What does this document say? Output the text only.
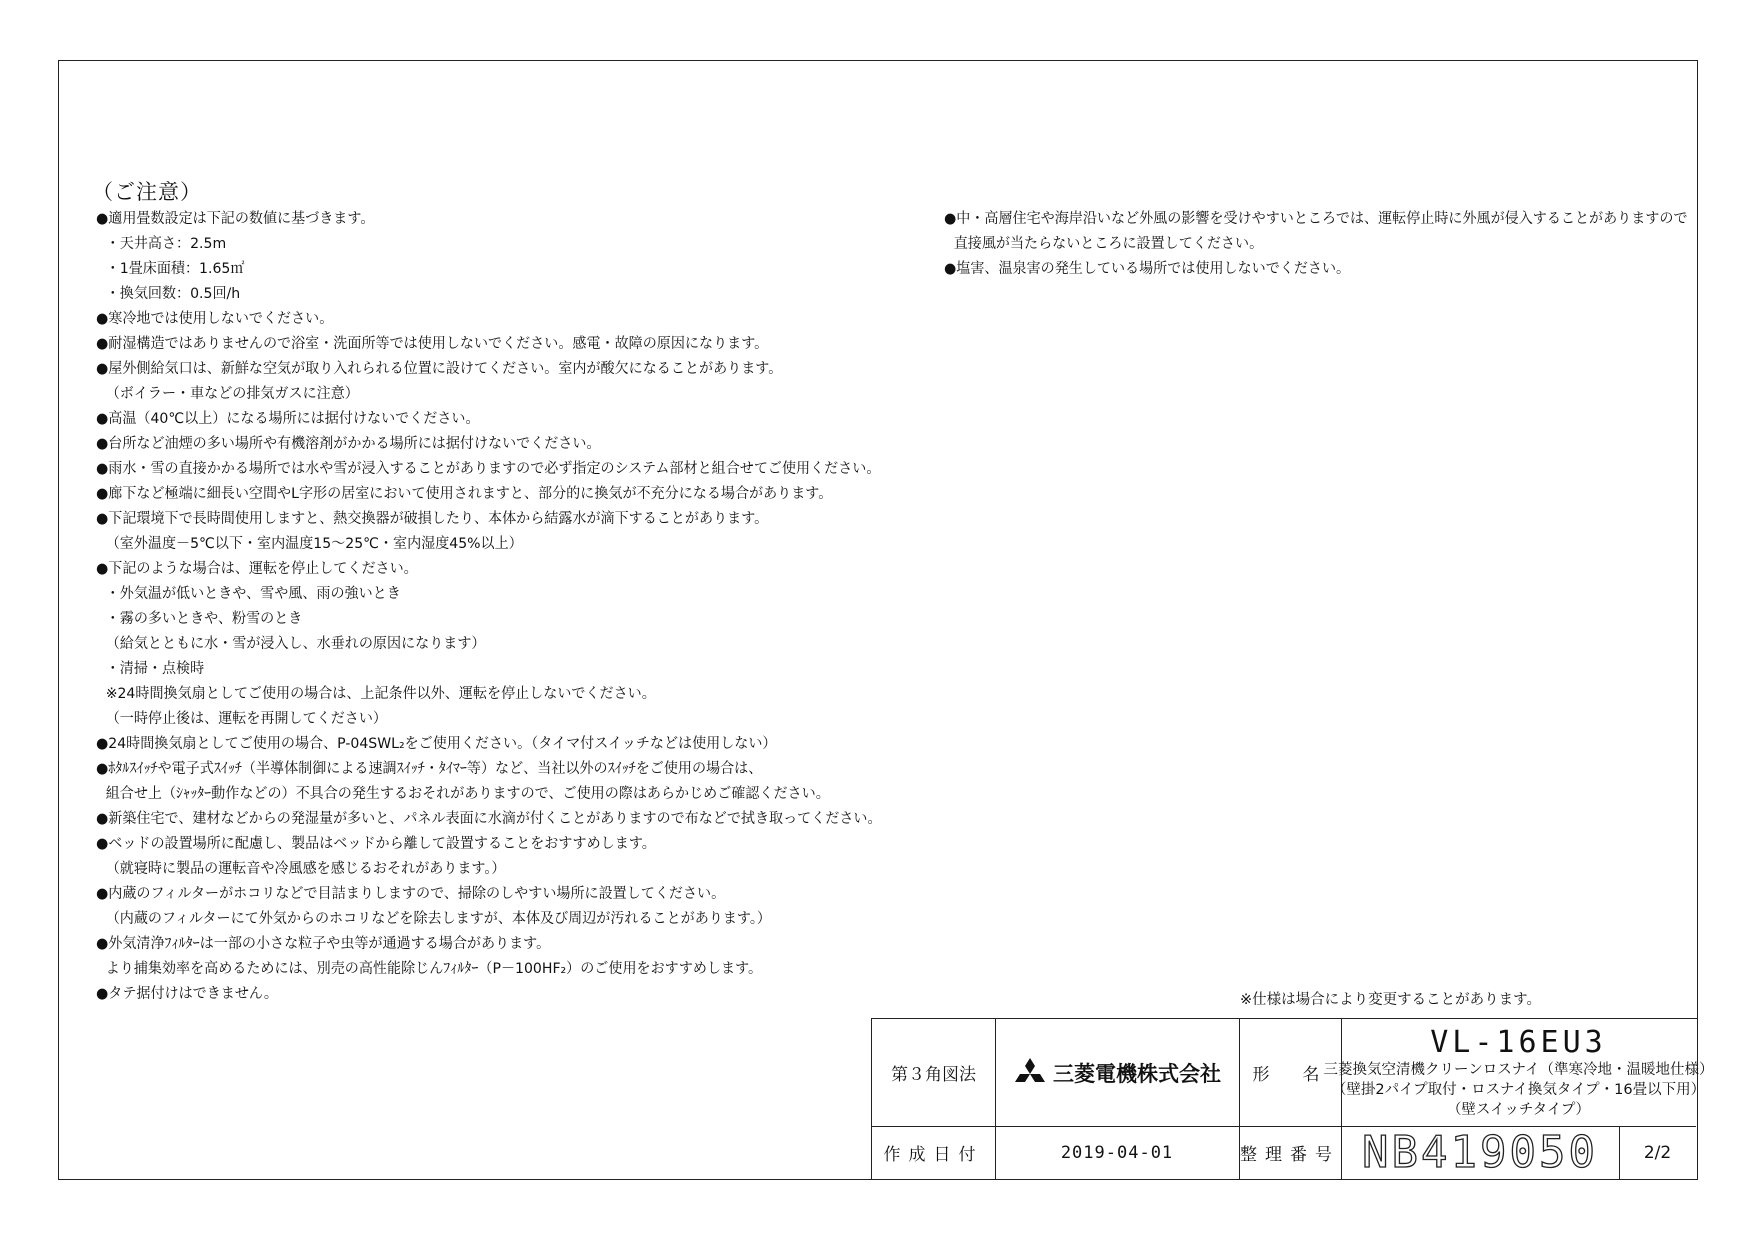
（ご注意）
●適用畳数設定は下記の数値に基づきます。
・天井高さ：2.5m
・1畳床面積：1.65㎡
・換気回数：0.5回/h
●寒冷地では使用しないでください。
●耐湿構造ではありませんので浴室・洗面所等では使用しないでください。感電・故障の原因になります。
●屋外側給気口は、新鮮な空気が取り入れられる位置に設けてください。室内が酸欠になることがあります。
（ボイラー・車などの排気ガスに注意）
●高温（40℃以上）になる場所には据付けないでください。
●台所など油煙の多い場所や有機溶剤がかかる場所には据付けないでください。
●雨水・雪の直接かかる場所では水や雪が浸入することがありますので必ず指定のシステム部材と組合せてご使用ください。
●廊下など極端に細長い空間やL字形の居室において使用されますと、部分的に換気が不充分になる場合があります。
●下記環境下で長時間使用しますと、熱交換器が破損したり、本体から結露水が滴下することがあります。
（室外温度－5℃以下・室内温度15～25℃・室内湿度45%以上）
●下記のような場合は、運転を停止してください。
・外気温が低いときや、雪や風、雨の強いとき
・霧の多いときや、粉雪のとき
（給気とともに水・雪が浸入し、水垂れの原因になります）
・清掃・点検時
※24時間換気扇としてご使用の場合は、上記条件以外、運転を停止しないでください。
（一時停止後は、運転を再開してください）
●24時間換気扇としてご使用の場合、P-04SWL₂をご使用ください。（タイマ付スイッチなどは使用しない）
●ﾎﾀﾙｽｲｯﾁや電子式ｽｲｯﾁ（半導体制御による速調ｽｲｯﾁ・ﾀｲﾏｰ等）など、当社以外のｽｲｯﾁをご使用の場合は、
組合せ上（ｼｬｯﾀｰ動作などの）不具合の発生するおそれがありますので、ご使用の際はあらかじめご確認ください。
●新築住宅で、建材などからの発湿量が多いと、パネル表面に水滴が付くことがありますので布などで拭き取ってください。
●ベッドの設置場所に配慮し、製品はベッドから離して設置することをおすすめします。
（就寝時に製品の運転音や冷風感を感じるおそれがあります。）
●内蔵のフィルターがホコリなどで目詰まりしますので、掃除のしやすい場所に設置してください。
（内蔵のフィルターにて外気からのホコリなどを除去しますが、本体及び周辺が汚れることがあります。）
●外気清浄ﾌｨﾙﾀｰは一部の小さな粒子や虫等が通過する場合があります。
より捕集効率を高めるためには、別売の高性能除じんﾌｨﾙﾀｰ（P－100HF₂）のご使用をおすすめします。
●タテ据付けはできません。
●中・高層住宅や海岸沿いなど外風の影響を受けやすいところでは、運転停止時に外風が侵入することがありますので
直接風が当たらないところに設置してください。
●塩害、温泉害の発生している場所では使用しないでください。
※仕様は場合により変更することがあります。
第３角図法	三菱電機株式会社 形　名
VL-16EU3
三菱換気空清機クリーンロスナイ（準寒冷地・温暖地仕様）
（壁掛2パイプ取付・ロスナイ換気タイプ・16畳以下用）
（壁スイッチタイプ）
作成日付	2019-04-01	整理番号 NB419050	2/2
